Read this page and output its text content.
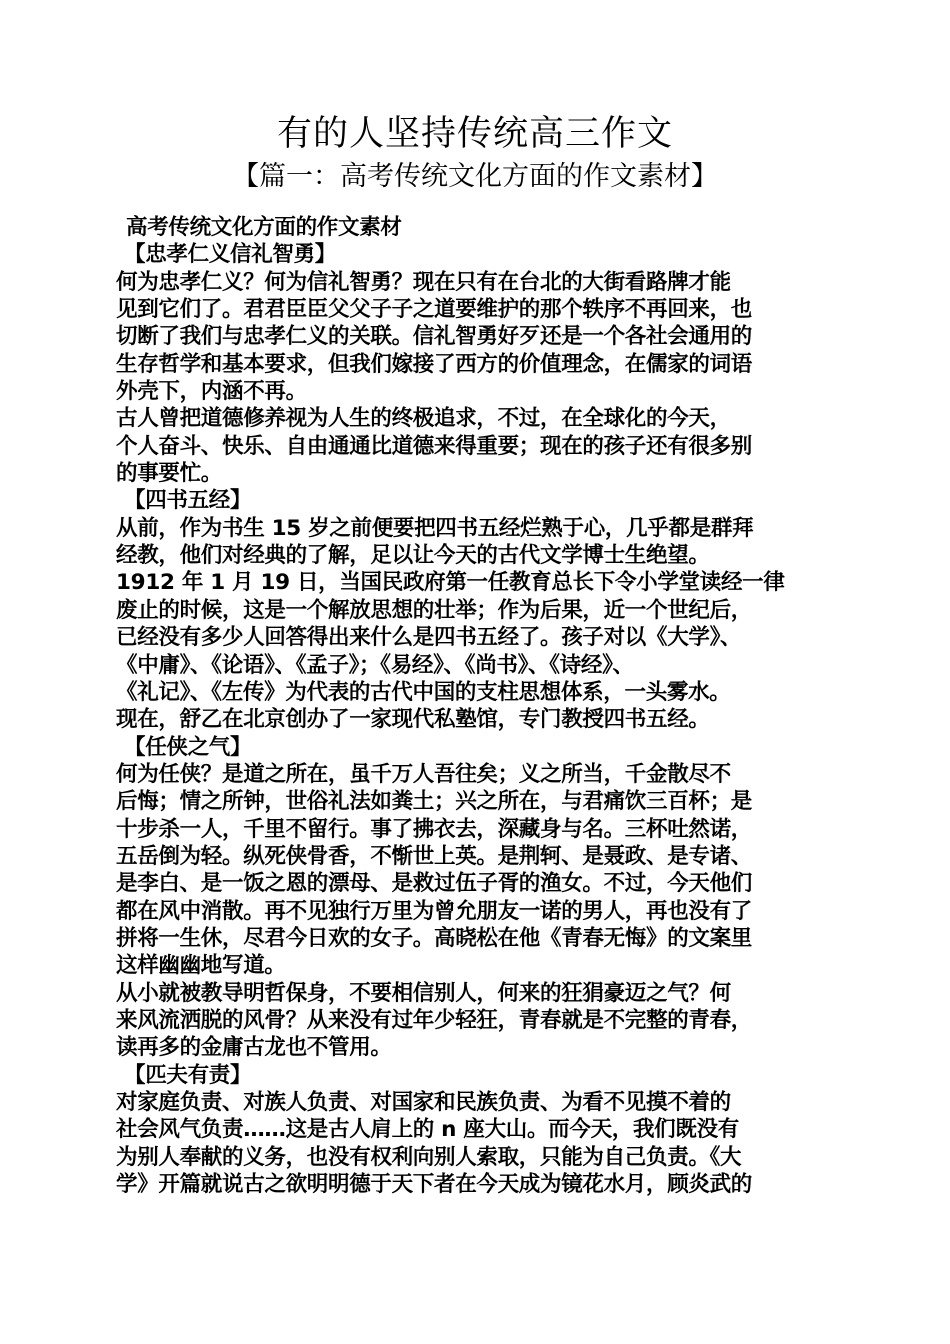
有的人坚持传统高三作文
【篇一：高考传统文化方面的作文素材】
高考传统文化方面的作文素材
【忠孝仁义信礼智勇】
何为忠孝仁义？何为信礼智勇？现在只有在台北的大街看路牌才能
见到它们了。君君臣臣父父子子之道要维护的那个轶序不再回来，也
切断了我们与忠孝仁义的关联。信礼智勇好歹还是一个各社会通用的
生存哲学和基本要求，但我们嫁接了西方的价值理念，在儒家的词语
外壳下，内涵不再。
古人曾把道德修养视为人生的终极追求，不过，在全球化的今天，
个人奋斗、快乐、自由通通比道德来得重要；现在的孩子还有很多别
的事要忙。
【四书五经】
从前，作为书生 15 岁之前便要把四书五经烂熟于心，几乎都是群拜
经教，他们对经典的了解，足以让今天的古代文学博士生绝望。
1912 年 1 月 19 日，当国民政府第一任教育总长下令小学堂读经一律
废止的时候，这是一个解放思想的壮举；作为后果，近一个世纪后，
已经没有多少人回答得出来什么是四书五经了。孩子对以《大学》、
《中庸》、《论语》、《孟子》；《易经》、《尚书》、《诗经》、
《礼记》、《左传》为代表的古代中国的支柱思想体系，一头雾水。
现在，舒乙在北京创办了一家现代私塾馆，专门教授四书五经。
【任侠之气】
何为任侠？是道之所在，虽千万人吾往矣；义之所当，千金散尽不
后悔；情之所钟，世俗礼法如粪土；兴之所在，与君痛饮三百杯；是
十步杀一人，千里不留行。事了拂衣去，深藏身与名。三杯吐然诺，
五岳倒为轻。纵死侠骨香，不惭世上英。是荆轲、是聂政、是专诸、
是李白、是一饭之恩的漂母、是救过伍子胥的渔女。不过，今天他们
都在风中消散。再不见独行万里为曾允朋友一诺的男人，再也没有了
拼将一生休，尽君今日欢的女子。高晓松在他《青春无悔》的文案里
这样幽幽地写道。
从小就被教导明哲保身，不要相信别人，何来的狂狷豪迈之气？何
来风流洒脱的风骨？从来没有过年少轻狂，青春就是不完整的青春，
读再多的金庸古龙也不管用。
【匹夫有责】
对家庭负责、对族人负责、对国家和民族负责、为看不见摸不着的
社会风气负责……这是古人肩上的 n 座大山。而今天，我们既没有
为别人奉献的义务，也没有权利向别人索取，只能为自己负责。《大
学》开篇就说古之欲明明德于天下者在今天成为镜花水月，顾炎武的
